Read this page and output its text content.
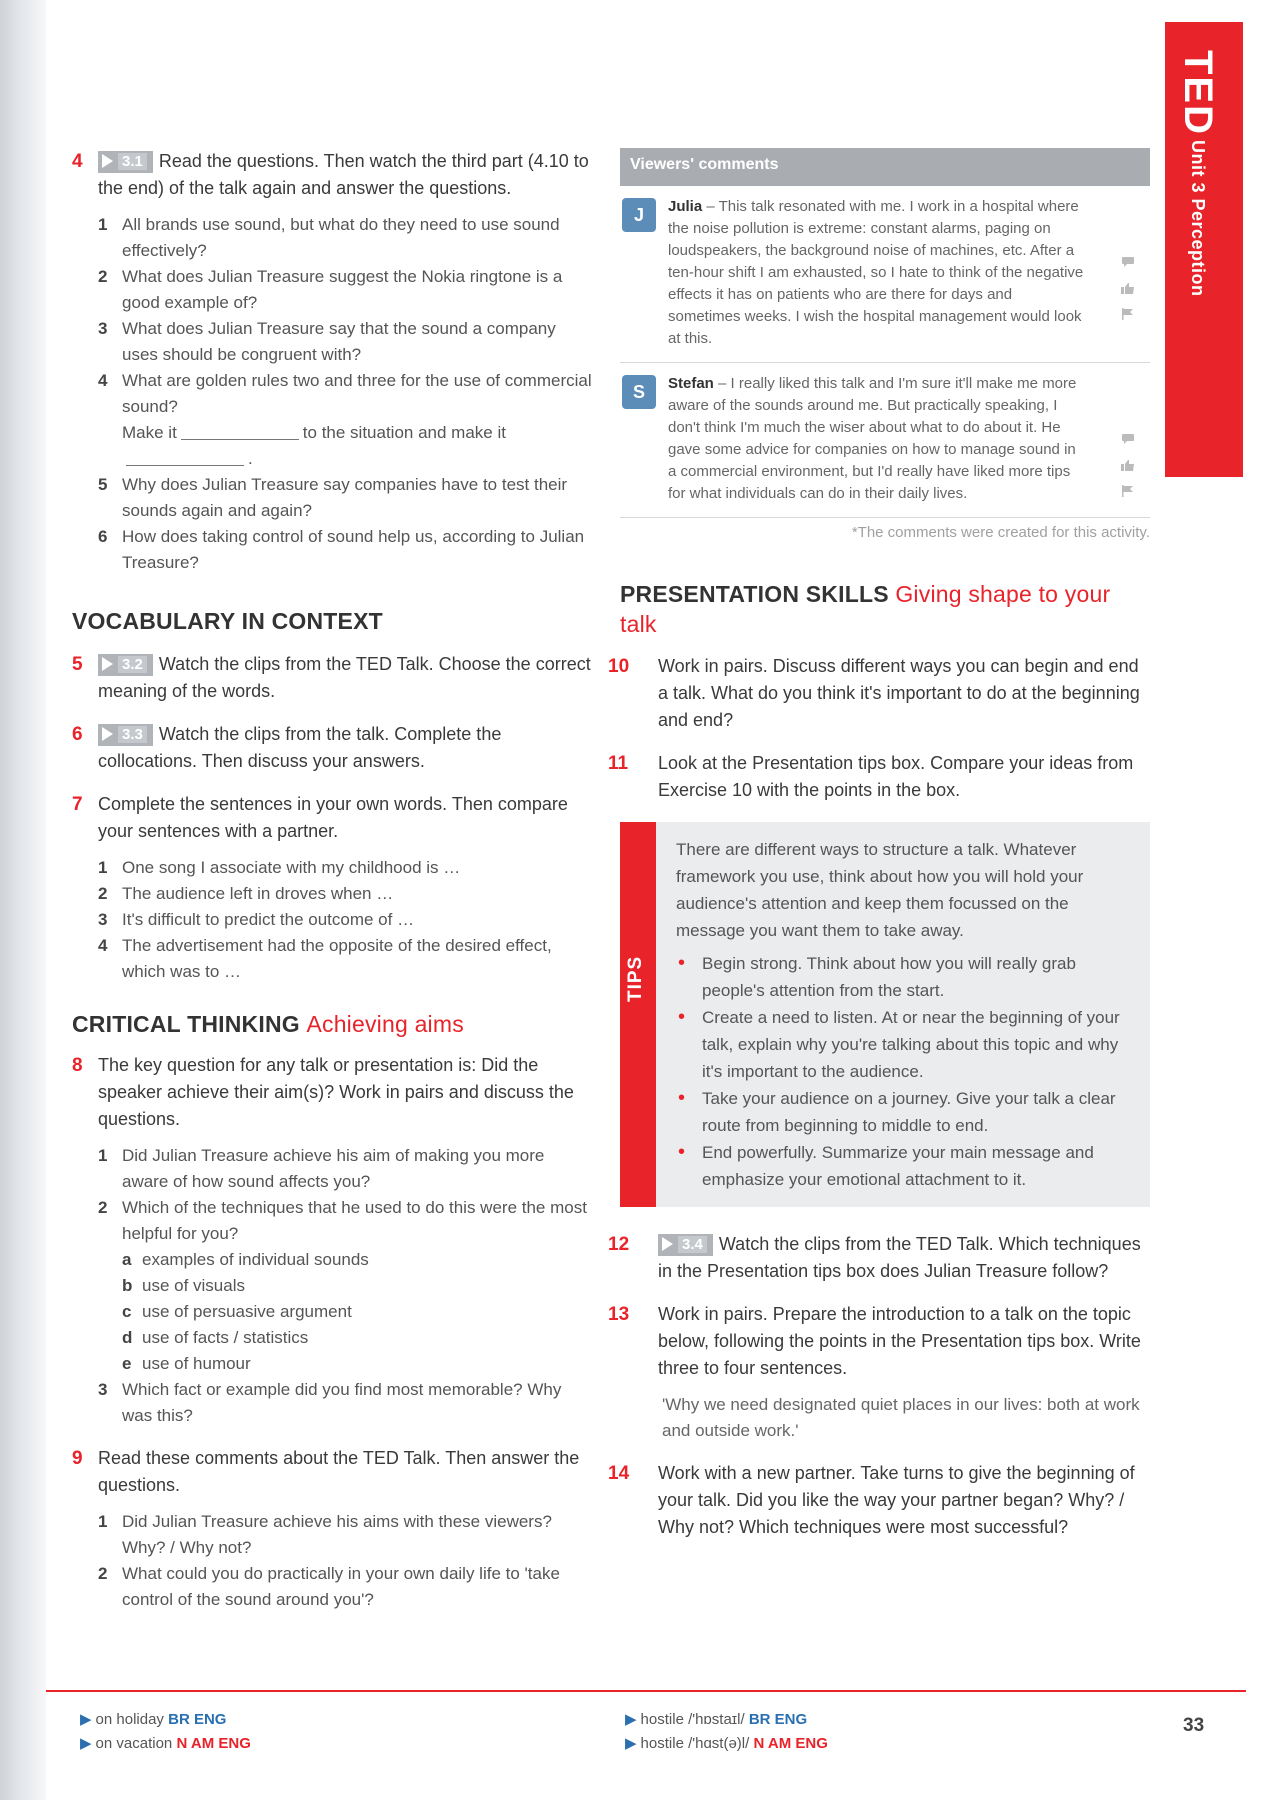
TED
Unit 3 Perception
4	3.1 Read the questions. Then watch the third part (4.10 to the end) of the talk again and answer the questions.
1 All brands use sound, but what do they need to use sound effectively?
2 What does Julian Treasure suggest the Nokia ringtone is a good example of?
3 What does Julian Treasure say that the sound a company uses should be congruent with?
4 What are golden rules two and three for the use of commercial sound?
Make it	to the situation and make it
.
5 Why does Julian Treasure say companies have to test their sounds again and again?
6 How does taking control of sound help us, according to Julian Treasure?
VOCABULARY IN CONTEXT
5	3.2 Watch the clips from the TED Talk. Choose the correct meaning of the words.
6	3.3 Watch the clips from the talk. Complete the collocations. Then discuss your answers.
7 Complete the sentences in your own words. Then compare your sentences with a partner.
1 One song I associate with my childhood is …
2 The audience left in droves when …
3 It's difficult to predict the outcome of …
4 The advertisement had the opposite of the desired effect, which was to …
CRITICAL THINKING Achieving aims
8 The key question for any talk or presentation is: Did the speaker achieve their aim(s)? Work in pairs and discuss the questions.
1 Did Julian Treasure achieve his aim of making you more aware of how sound affects you?
2 Which of the techniques that he used to do this were the most helpful for you?
a examples of individual sounds
b use of visuals
c use of persuasive argument
d use of facts / statistics
e use of humour
3 Which fact or example did you find most memorable? Why was this?
9 Read these comments about the TED Talk. Then answer the questions.
1 Did Julian Treasure achieve his aims with these viewers? Why? / Why not?
2 What could you do practically in your own daily life to 'take control of the sound around you'?
Viewers' comments
J	Julia – This talk resonated with me. I work in a hospital where the noise pollution is extreme: constant alarms, paging on loudspeakers, the background noise of machines, etc. After a ten-hour shift I am exhausted, so I hate to think of the negative effects it has on patients who are there for days and sometimes weeks. I wish the hospital management would look at this.
S	Stefan – I really liked this talk and I'm sure it'll make me more aware of the sounds around me. But practically speaking, I don't think I'm much the wiser about what to do about it. He gave some advice for companies on how to manage sound in a commercial environment, but I'd really have liked more tips for what individuals can do in their daily lives.
*The comments were created for this activity.
PRESENTATION SKILLS Giving shape to your talk
10	Work in pairs. Discuss different ways you can begin and end a talk. What do you think it's important to do at the beginning and end?
11	Look at the Presentation tips box. Compare your ideas from Exercise 10 with the points in the box.
TIPS

There are different ways to structure a talk. Whatever framework you use, think about how you will hold your audience's attention and keep them focussed on the message you want them to take away.

• Begin strong. Think about how you will really grab people's attention from the start.
• Create a need to listen. At or near the beginning of your talk, explain why you're talking about this topic and why it's important to the audience.
• Take your audience on a journey. Give your talk a clear route from beginning to middle to end.
• End powerfully. Summarize your main message and emphasize your emotional attachment to it.
12	3.4 Watch the clips from the TED Talk. Which techniques in the Presentation tips box does Julian Treasure follow?
13	Work in pairs. Prepare the introduction to a talk on the topic below, following the points in the Presentation tips box. Write three to four sentences.
'Why we need designated quiet places in our lives: both at work and outside work.'
14	Work with a new partner. Take turns to give the beginning of your talk. Did you like the way your partner began? Why? / Why not? Which techniques were most successful?
▶ on holiday BR ENG
▶ on vacation N AM ENG
▶ hostile /'hɒstaɪl/ BR ENG
▶ hostile /'hɑst(ə)l/ N AM ENG
33
